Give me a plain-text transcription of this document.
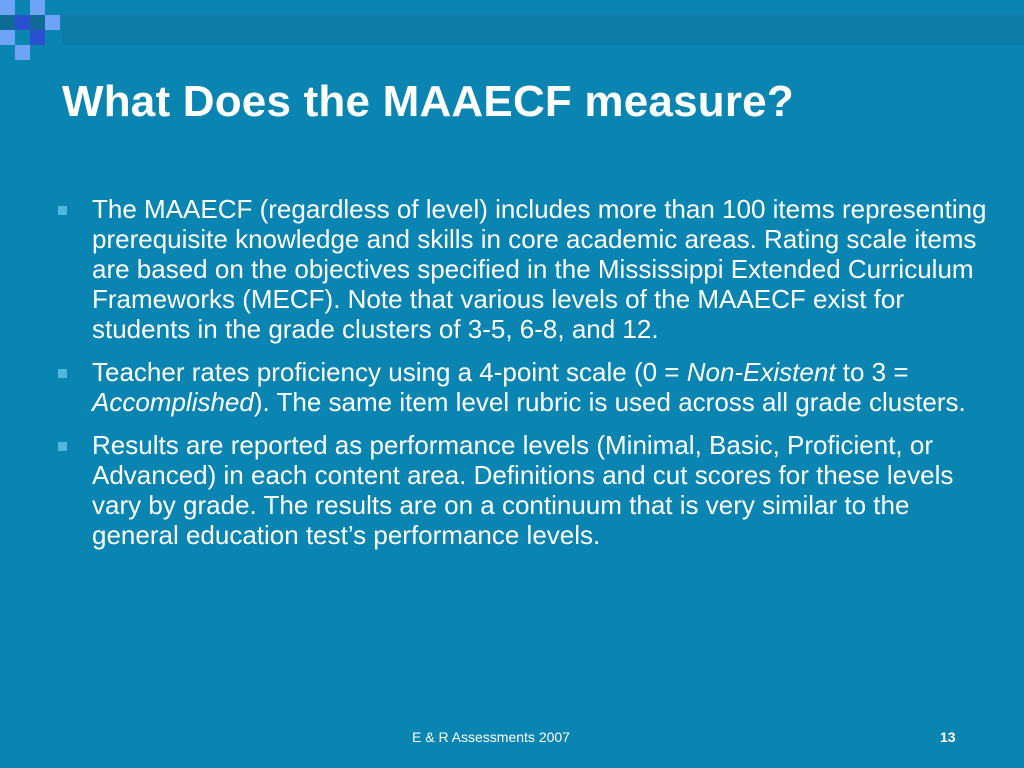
What Does the MAAECF measure?
The MAAECF (regardless of level) includes more than 100 items representing prerequisite knowledge and skills in core academic areas. Rating scale items are based on the objectives specified in the Mississippi Extended Curriculum Frameworks (MECF). Note that various levels of the MAAECF exist for students in the grade clusters of 3-5, 6-8, and 12.
Teacher rates proficiency using a 4-point scale (0 = Non-Existent to 3 = Accomplished). The same item level rubric is used across all grade clusters.
Results are reported as performance levels (Minimal, Basic, Proficient, or Advanced) in each content area. Definitions and cut scores for these levels vary by grade. The results are on a continuum that is very similar to the general education test’s performance levels.
E & R Assessments 2007	13
